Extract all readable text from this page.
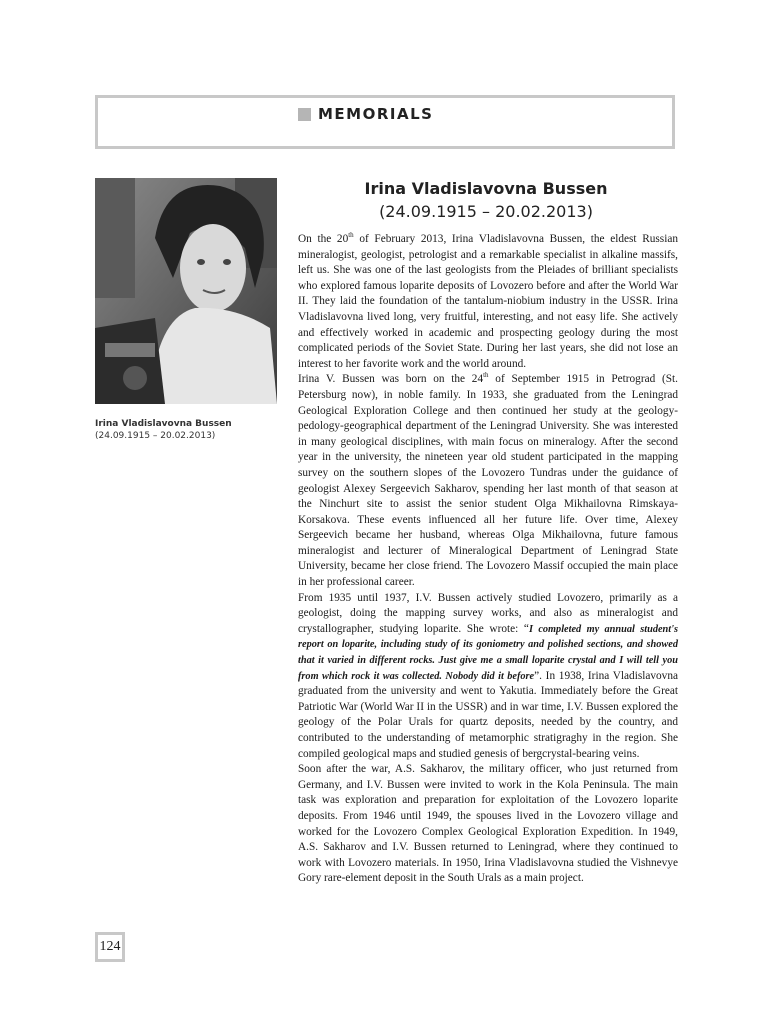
MEMORIALS
Irina Vladislavovna Bussen
(24.09.1915 – 20.02.2013)
Irina Vladislavovna Bussen
(24.09.1915 – 20.02.2013)

On the 20th of February 2013, Irina Vladislavovna Bussen, the eldest Russian mineralogist, geologist, petrologist and a remarkable specialist in alkaline massifs, left us. She was one of the last geologists from the Pleiades of brilliant specialists who explored famous loparite deposits of Lovozero before and after the World War II. They laid the foundation of the tantalum-niobium industry in the USSR. Irina Vladislavovna lived long, very fruitful, interesting, and not easy life. She actively and effectively worked in academic and prospecting geology during the most complicated periods of the Soviet State. During her last years, she did not lose an interest to her favorite work and the world around.

Irina V. Bussen was born on the 24th of September 1915 in Petrograd (St. Petersburg now), in noble family. In 1933, she graduated from the Leningrad Geological Exploration College and then continued her study at the geology-pedology-geographical department of the Leningrad University. She was interested in many geological disciplines, with main focus on mineralogy. After the second year in the university, the nineteen year old student participated in the mapping survey on the southern slopes of the Lovozero Tundras under the guidance of geologist Alexey Sergeevich Sakharov, spending her last month of that season at the Ninchurt site to assist the senior student Olga Mikhailovna Rimskaya-Korsakova. These events influenced all her future life. Over time, Alexey Sergeevich became her husband, whereas Olga Mikhailovna, future famous mineralogist and lecturer of Mineralogical Department of Leningrad State University, became her close friend. The Lovozero Massif occupied the main place in her professional career.

From 1935 until 1937, I.V. Bussen actively studied Lovozero, primarily as a geologist, doing the mapping survey works, and also as mineralogist and crystallographer, studying loparite. She wrote: “I completed my annual student's report on loparite, including study of its goniometry and polished sections, and showed that it varied in different rocks. Just give me a small loparite crystal and I will tell you from which rock it was collected. Nobody did it before”. In 1938, Irina Vladislavovna graduated from the university and went to Yakutia. Immediately before the Great Patriotic War (World War II in the USSR) and in war time, I.V. Bussen explored the geology of the Polar Urals for quartz deposits, needed by the country, and contributed to the understanding of metamorphic stratigraghy in the region. She compiled geological maps and studied genesis of bergcrystal-bearing veins.

Soon after the war, A.S. Sakharov, the military officer, who just returned from Germany, and I.V. Bussen were invited to work in the Kola Peninsula. The main task was exploration and preparation for exploitation of the Lovozero loparite deposits. From 1946 until 1949, the spouses lived in the Lovozero village and worked for the Lovozero Complex Geological Exploration Expedition. In 1949, A.S. Sakharov and I.V. Bussen returned to Leningrad, where they continued to work with Lovozero materials. In 1950, Irina Vladislavovna studied the Vishnevye Gory rare-element deposit in the South Urals as a main project.

124
